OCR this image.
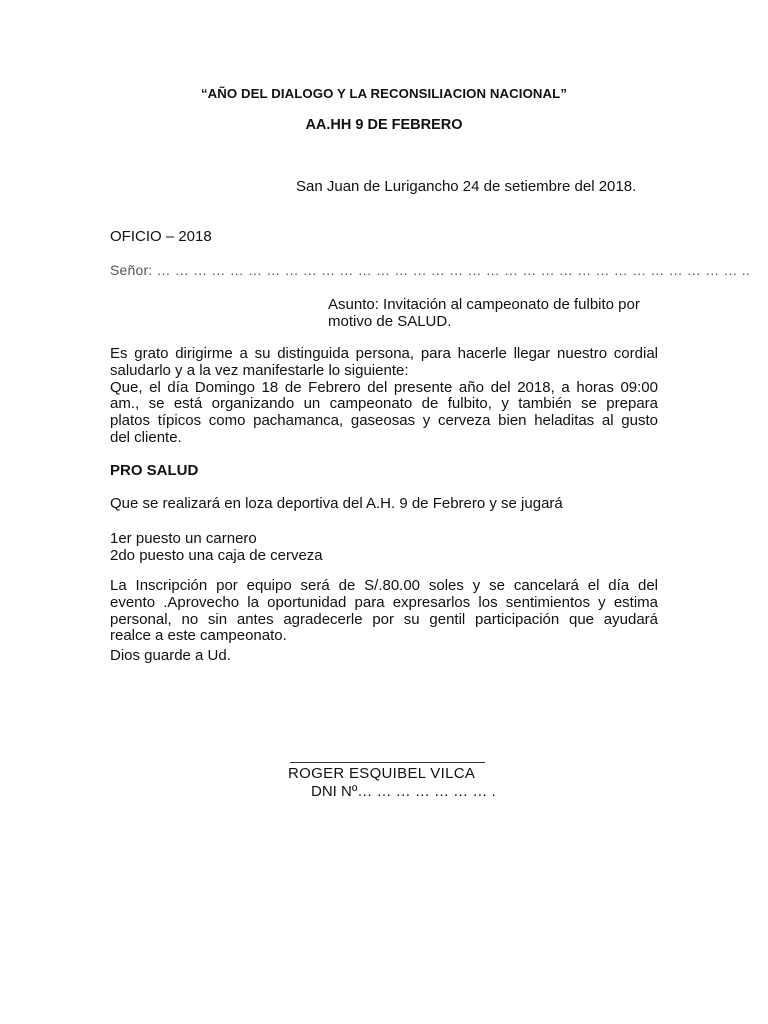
“AÑO DEL DIALOGO Y LA RECONSILIACION NACIONAL”
AA.HH 9 DE FEBRERO
San Juan de Lurigancho 24 de setiembre del 2018.
OFICIO – 2018
Señor: … … … … … … … … … … … … … … … … … … … … … … … … … … … … … … … … ..
Asunto: Invitación al campeonato de fulbito por motivo de SALUD.
Es grato dirigirme a su distinguida persona, para hacerle llegar nuestro cordial
saludarlo y a la vez manifestarle lo siguiente:
Que, el día Domingo 18 de Febrero del presente año del 2018, a horas 09:00
am., se está organizando un campeonato de fulbito, y también se prepara
platos típicos como pachamanca, gaseosas y cerveza bien heladitas al gusto
del cliente.
PRO SALUD
Que se realizará en loza deportiva del A.H. 9 de Febrero y se jugará
1er puesto un carnero
2do puesto una caja de cerveza
La Inscripción por equipo será de S/.80.00 soles y se cancelará el día del
evento .Aprovecho la oportunidad para expresarlos los sentimientos y estima
personal, no sin antes agradecerle por su gentil participación que ayudará
realce a este campeonato.
Dios guarde a Ud.
ROGER ESQUIBEL VILCA
DNI Nº… … … … … … … .
